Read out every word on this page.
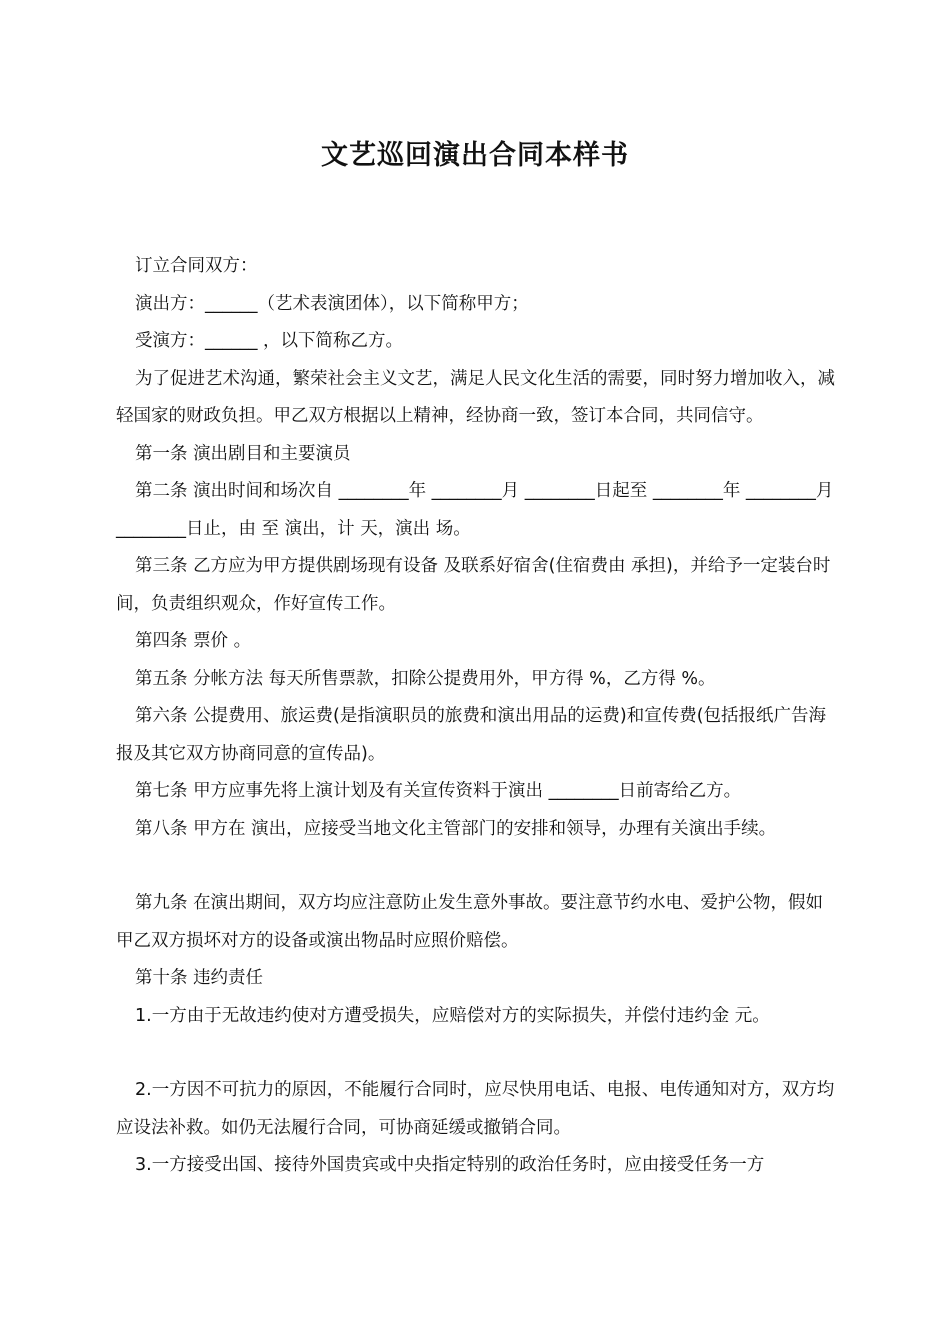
文艺巡回演出合同本样书

订立合同双方：

演出方：______（艺术表演团体），以下简称甲方；

受演方：______ ，以下简称乙方。

为了促进艺术沟通，繁荣社会主义文艺，满足人民文化生活的需要，同时努力增加收入，减轻国家的财政负担。甲乙双方根据以上精神，经协商一致，签订本合同，共同信守。

第一条 演出剧目和主要演员

第二条 演出时间和场次自 ________年 ________月 ________日起至 ________年 ________月 ________日止，由 至 演出，计 天，演出 场。

第三条 乙方应为甲方提供剧场现有设备 及联系好宿舍(住宿费由 承担)，并给予一定装台时间，负责组织观众，作好宣传工作。

第四条 票价 。

第五条 分帐方法 每天所售票款，扣除公提费用外，甲方得 %，乙方得 %。

第六条 公提费用、旅运费(是指演职员的旅费和演出用品的运费)和宣传费(包括报纸广告海报及其它双方协商同意的宣传品)。

第七条 甲方应事先将上演计划及有关宣传资料于演出 ________日前寄给乙方。

第八条 甲方在 演出，应接受当地文化主管部门的安排和领导，办理有关演出手续。

第九条 在演出期间，双方均应注意防止发生意外事故。要注意节约水电、爱护公物，假如甲乙双方损坏对方的设备或演出物品时应照价赔偿。

第十条 违约责任

1.一方由于无故违约使对方遭受损失，应赔偿对方的实际损失，并偿付违约金 元。

2.一方因不可抗力的原因，不能履行合同时，应尽快用电话、电报、电传通知对方，双方均应设法补救。如仍无法履行合同，可协商延缓或撤销合同。

3.一方接受出国、接待外国贵宾或中央指定特别的政治任务时，应由接受任务一方
